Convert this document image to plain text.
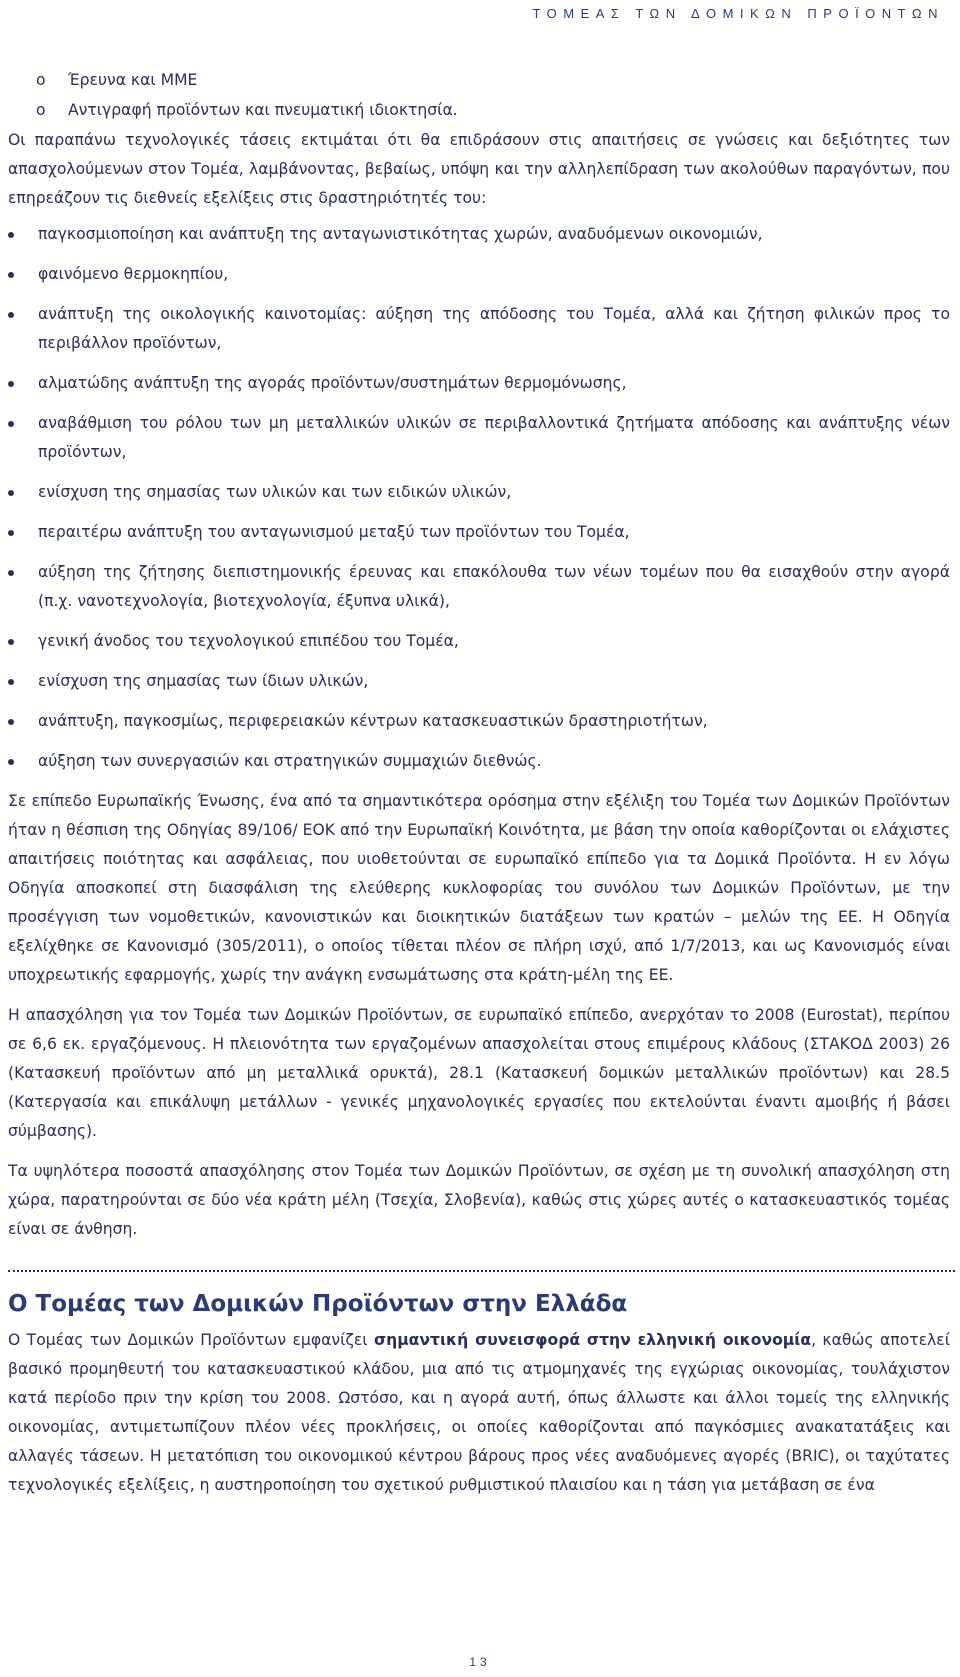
ΤΟΜΕΑΣ ΤΩΝ ΔΟΜΙΚΩΝ ΠΡΟΪΟΝΤΩΝ
o Έρευνα και ΜΜΕ
o Αντιγραφή προϊόντων και πνευματική ιδιοκτησία.

Οι παραπάνω τεχνολογικές τάσεις εκτιμάται ότι θα επιδράσουν στις απαιτήσεις σε γνώσεις και δεξιότητες των απασχολούμενων στον Τομέα, λαμβάνοντας, βεβαίως, υπόψη και την αλληλεπίδραση των ακολούθων παραγόντων, που επηρεάζουν τις διεθνείς εξελίξεις στις δραστηριότητές του:

παγκοσμιοποίηση και ανάπτυξη της ανταγωνιστικότητας χωρών, αναδυόμενων οικονομιών,
φαινόμενο θερμοκηπίου,
ανάπτυξη της οικολογικής καινοτομίας: αύξηση της απόδοσης του Τομέα, αλλά και ζήτηση φιλικών προς το περιβάλλον προϊόντων,
αλματώδης ανάπτυξη της αγοράς προϊόντων/συστημάτων θερμομόνωσης,
αναβάθμιση του ρόλου των μη μεταλλικών υλικών σε περιβαλλοντικά ζητήματα απόδοσης και ανάπτυξης νέων προϊόντων,
ενίσχυση της σημασίας των υλικών και των ειδικών υλικών,
περαιτέρω ανάπτυξη του ανταγωνισμού μεταξύ των προϊόντων του Τομέα,
αύξηση της ζήτησης διεπιστημονικής έρευνας και επακόλουθα των νέων τομέων που θα εισαχθούν στην αγορά (π.χ. νανοτεχνολογία, βιοτεχνολογία, έξυπνα υλικά),
γενική άνοδος του τεχνολογικού επιπέδου του Τομέα,
ενίσχυση της σημασίας των ίδιων υλικών,
ανάπτυξη, παγκοσμίως, περιφερειακών κέντρων κατασκευαστικών δραστηριοτήτων,
αύξηση των συνεργασιών και στρατηγικών συμμαχιών διεθνώς.

Σε επίπεδο Ευρωπαϊκής Ένωσης, ένα από τα σημαντικότερα ορόσημα στην εξέλιξη του Τομέα των Δομικών Προϊόντων ήταν η θέσπιση της Οδηγίας 89/106/ ΕΟΚ από την Ευρωπαϊκή Κοινότητα, με βάση την οποία καθορίζονται οι ελάχιστες απαιτήσεις ποιότητας και ασφάλειας, που υιοθετούνται σε ευρωπαϊκό επίπεδο για τα Δομικά Προϊόντα. Η εν λόγω Οδηγία αποσκοπεί στη διασφάλιση της ελεύθερης κυκλοφορίας του συνόλου των Δομικών Προϊόντων, με την προσέγγιση των νομοθετικών, κανονιστικών και διοικητικών διατάξεων των κρατών – μελών της ΕΕ. Η Οδηγία εξελίχθηκε σε Κανονισμό (305/2011), ο οποίος τίθεται πλέον σε πλήρη ισχύ, από 1/7/2013, και ως Κανονισμός είναι υποχρεωτικής εφαρμογής, χωρίς την ανάγκη ενσωμάτωσης στα κράτη-μέλη της ΕΕ.

Η απασχόληση για τον Τομέα των Δομικών Προϊόντων, σε ευρωπαϊκό επίπεδο, ανερχόταν το 2008 (Eurostat), περίπου σε 6,6 εκ. εργαζόμενους. Η πλειονότητα των εργαζομένων απασχολείται στους επιμέρους κλάδους (ΣΤΑΚΟΔ 2003) 26 (Κατασκευή προϊόντων από μη μεταλλικά ορυκτά), 28.1 (Κατασκευή δομικών μεταλλικών προϊόντων) και 28.5 (Κατεργασία και επικάλυψη μετάλλων - γενικές μηχανολογικές εργασίες που εκτελούνται έναντι αμοιβής ή βάσει σύμβασης).

Τα υψηλότερα ποσοστά απασχόλησης στον Τομέα των Δομικών Προϊόντων, σε σχέση με τη συνολική απασχόληση στη χώρα, παρατηρούνται σε δύο νέα κράτη μέλη (Τσεχία, Σλοβενία), καθώς στις χώρες αυτές ο κατασκευαστικός τομέας είναι σε άνθηση.

Ο Τομέας των Δομικών Προϊόντων στην Ελλάδα

Ο Τομέας των Δομικών Προϊόντων εμφανίζει σημαντική συνεισφορά στην ελληνική οικονομία, καθώς αποτελεί βασικό προμηθευτή του κατασκευαστικού κλάδου, μια από τις ατμομηχανές της εγχώριας οικονομίας, τουλάχιστον κατά περίοδο πριν την κρίση του 2008. Ωστόσο, και η αγορά αυτή, όπως άλλωστε και άλλοι τομείς της ελληνικής οικονομίας, αντιμετωπίζουν πλέον νέες προκλήσεις, οι οποίες καθορίζονται από παγκόσμιες ανακατατάξεις και αλλαγές τάσεων. Η μετατόπιση του οικονομικού κέντρου βάρους προς νέες αναδυόμενες αγορές (BRIC), οι ταχύτατες τεχνολογικές εξελίξεις, η αυστηροποίηση του σχετικού ρυθμιστικού πλαισίου και η τάση για μετάβαση σε ένα

13
